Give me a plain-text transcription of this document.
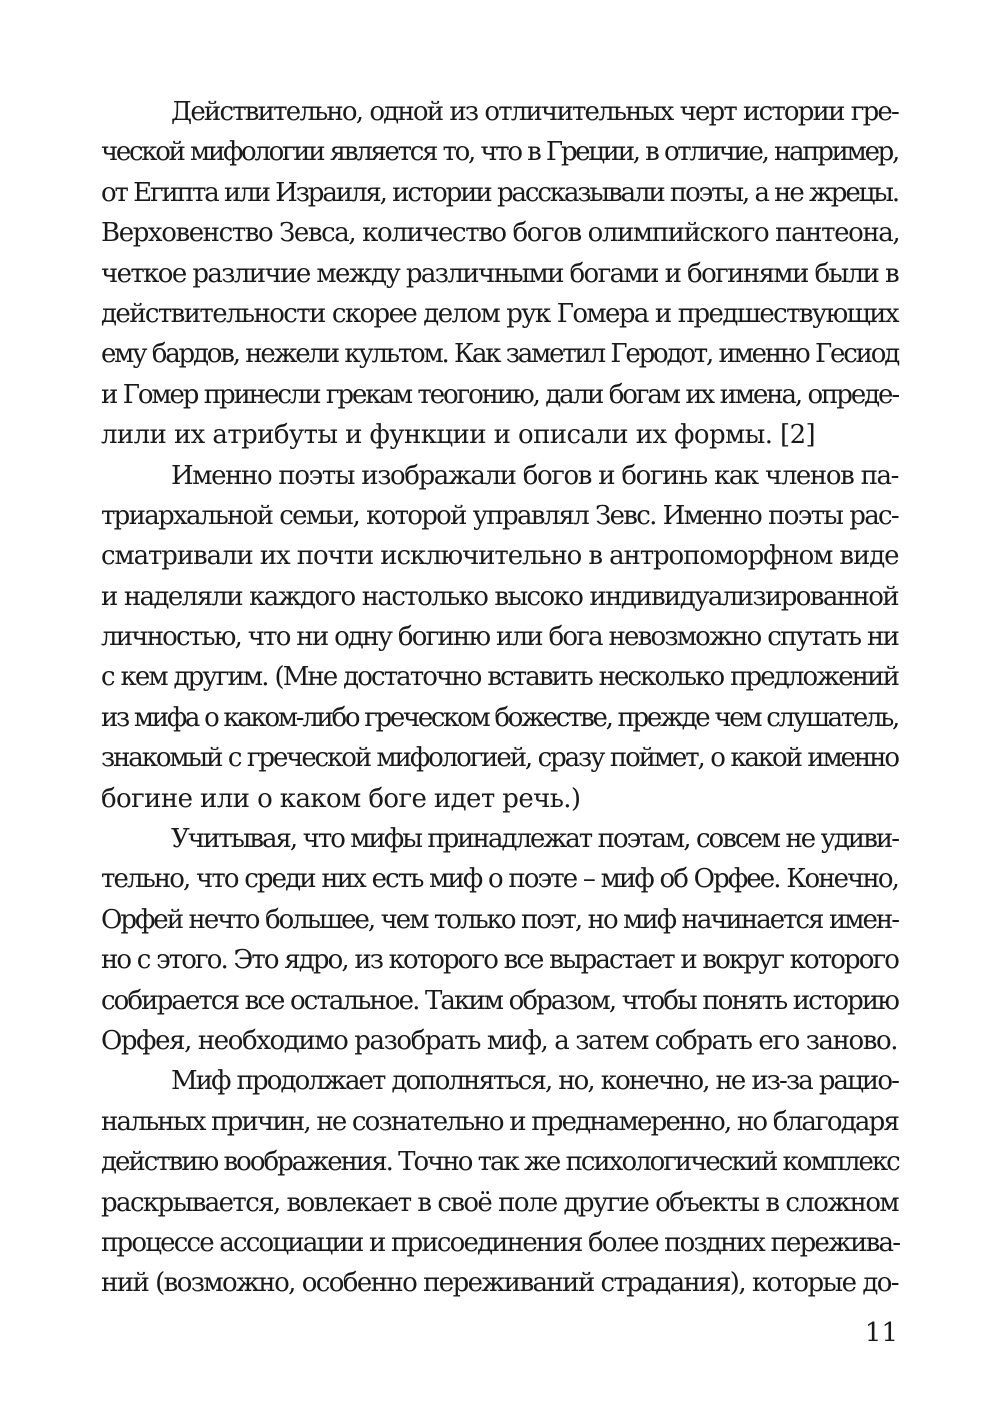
Действительно, одной из отличительных черт истории гре-
ческой мифологии является то, что в Греции, в отличие, например,
от Египта или Израиля, истории рассказывали поэты, а не жрецы.
Верховенство Зевса, количество богов олимпийского пантеона,
четкое различие между различными богами и богинями были в
действительности скорее делом рук Гомера и предшествующих
ему бардов, нежели культом. Как заметил Геродот, именно Гесиод
и Гомер принесли грекам теогонию, дали богам их имена, опреде-
лили их атрибуты и функции и описали их формы. [2]
Именно поэты изображали богов и богинь как членов па-
триархальной семьи, которой управлял Зевс. Именно поэты рас-
сматривали их почти исключительно в антропоморфном виде
и наделяли каждого настолько высоко индивидуализированной
личностью, что ни одну богиню или бога невозможно спутать ни
с кем другим. (Мне достаточно вставить несколько предложений
из мифа о каком-либо греческом божестве, прежде чем слушатель,
знакомый с греческой мифологией, сразу поймет, о какой именно
богине или о каком боге идет речь.)
Учитывая, что мифы принадлежат поэтам, совсем не удиви-
тельно, что среди них есть миф о поэте – миф об Орфее. Конечно,
Орфей нечто большее, чем только поэт, но миф начинается имен-
но с этого. Это ядро, из которого все вырастает и вокруг которого
собирается все остальное. Таким образом, чтобы понять историю
Орфея, необходимо разобрать миф, а затем собрать его заново.
Миф продолжает дополняться, но, конечно, не из-за рацио-
нальных причин, не сознательно и преднамеренно, но благодаря
действию воображения. Точно так же психологический комплекс
раскрывается, вовлекает в своё поле другие объекты в сложном
процессе ассоциации и присоединения более поздних пережива-
ний (возможно, особенно переживаний страдания), которые до-
11
